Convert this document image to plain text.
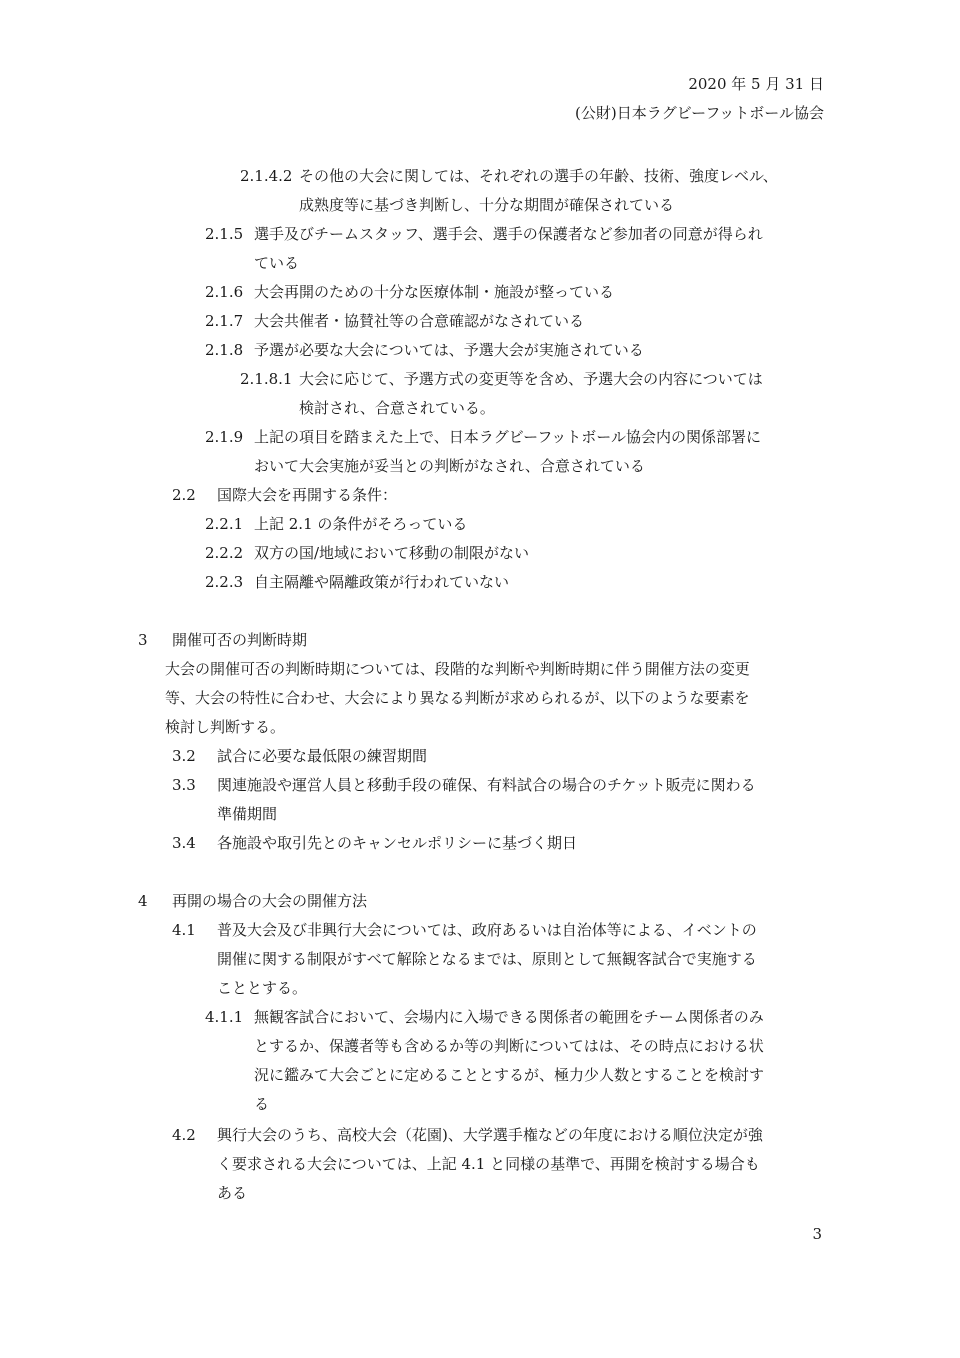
2020 年 5 月 31 日
(公財)日本ラグビーフットボール協会
2.1.4.2 その他の大会に関しては、それぞれの選手の年齢、技術、強度レベル、
成熟度等に基づき判断し、十分な期間が確保されている
2.1.5 選手及びチームスタッフ、選手会、選手の保護者など参加者の同意が得られ
ている
2.1.6 大会再開のための十分な医療体制・施設が整っている
2.1.7 大会共催者・協賛社等の合意確認がなされている
2.1.8 予選が必要な大会については、予選大会が実施されている
2.1.8.1 大会に応じて、予選方式の変更等を含め、予選大会の内容については
検討され、合意されている。
2.1.9 上記の項目を踏まえた上で、日本ラグビーフットボール協会内の関係部署に
おいて大会実施が妥当との判断がなされ、合意されている
2.2 国際大会を再開する条件：
2.2.1 上記 2.1 の条件がそろっている
2.2.2 双方の国/地域において移動の制限がない
2.2.3 自主隔離や隔離政策が行われていない
3 開催可否の判断時期
大会の開催可否の判断時期については、段階的な判断や判断時期に伴う開催方法の変更
等、大会の特性に合わせ、大会により異なる判断が求められるが、以下のような要素を
検討し判断する。
3.2 試合に必要な最低限の練習期間
3.3 関連施設や運営人員と移動手段の確保、有料試合の場合のチケット販売に関わる
準備期間
3.4 各施設や取引先とのキャンセルポリシーに基づく期日
4 再開の場合の大会の開催方法
4.1 普及大会及び非興行大会については、政府あるいは自治体等による、イベントの
開催に関する制限がすべて解除となるまでは、原則として無観客試合で実施する
こととする。
4.1.1 無観客試合において、会場内に入場できる関係者の範囲をチーム関係者のみ
とするか、保護者等も含めるか等の判断についてはは、その時点における状
況に鑑みて大会ごとに定めることとするが、極力少人数とすることを検討す
る
4.2 興行大会のうち、高校大会（花園)、大学選手権などの年度における順位決定が強
く要求される大会については、上記 4.1 と同様の基準で、再開を検討する場合も
ある
3
